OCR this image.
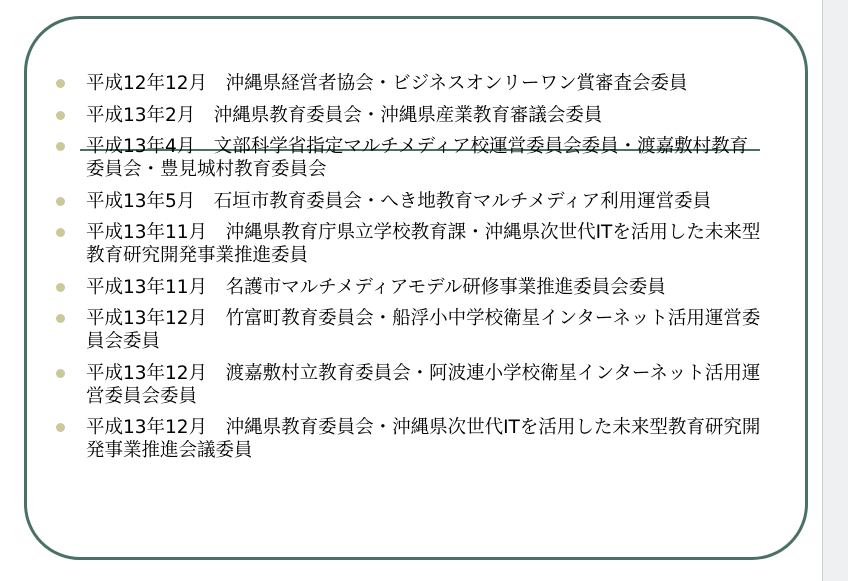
平成12年12月　沖縄県経営者協会・ビジネスオンリーワン賞審査会委員
平成13年2月　沖縄県教育委員会・沖縄県産業教育審議会委員
平成13年4月　文部科学省指定マルチメディア校運営委員会委員・渡嘉敷村教育委員会・豊見城村教育委員会
平成13年5月　石垣市教育委員会・へき地教育マルチメディア利用運営委員
平成13年11月　沖縄県教育庁県立学校教育課・沖縄県次世代ITを活用した未来型教育研究開発事業推進委員
平成13年11月　名護市マルチメディアモデル研修事業推進委員会委員
平成13年12月　竹富町教育委員会・船浮小中学校衛星インターネット活用運営委員会委員
平成13年12月　渡嘉敷村立教育委員会・阿波連小学校衛星インターネット活用運営委員会委員
平成13年12月　沖縄県教育委員会・沖縄県次世代ITを活用した未来型教育研究開発事業推進会議委員
